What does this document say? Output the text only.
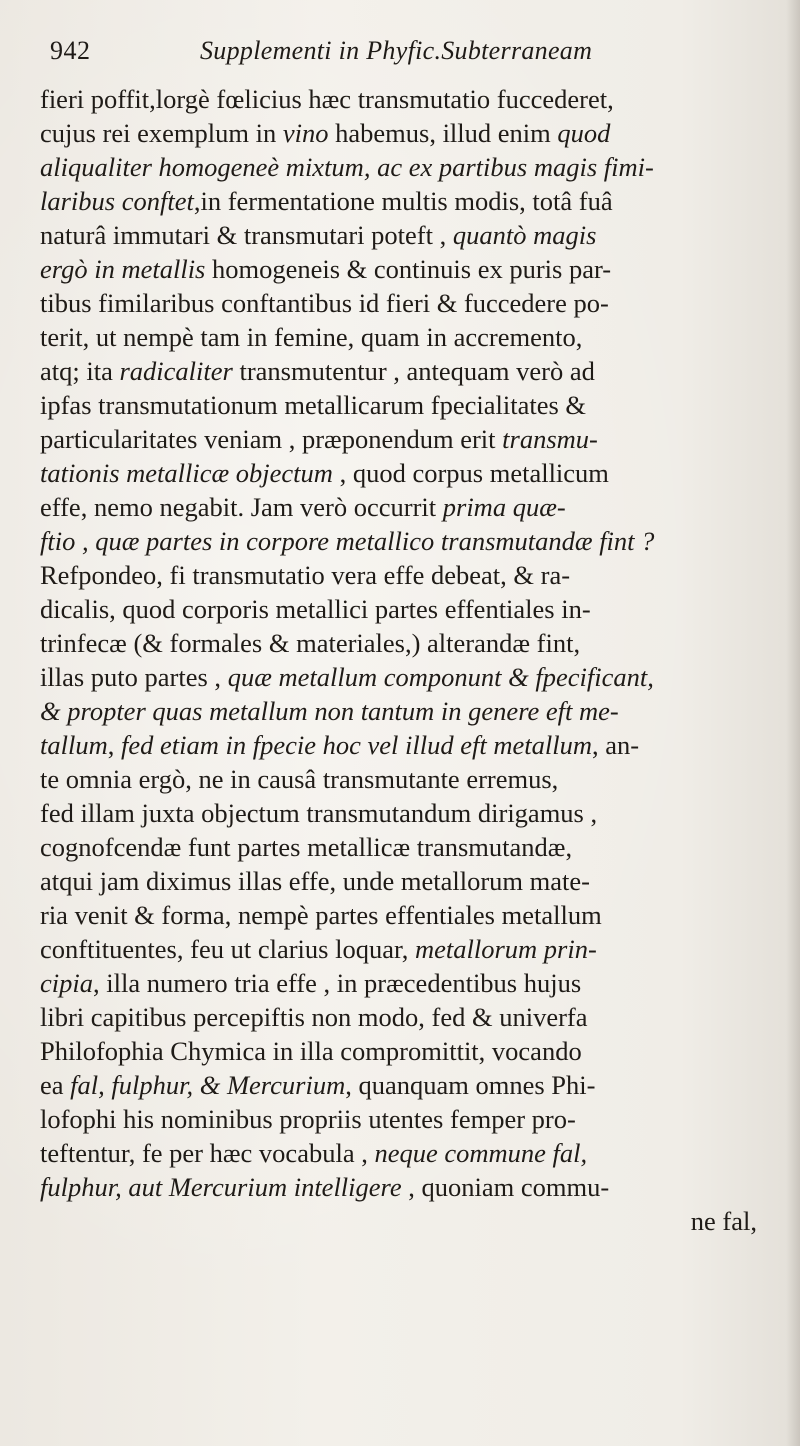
942	Supplementi in Phyfic.Subterraneam
fieri poffit,lorgè fœlicius hæc transmutatio fuccederet,
cujus rei exemplum in vino habemus, illud enim quod
aliqualiter homogeneè mixtum, ac ex partibus magis fimi-
laribus conftet,in fermentatione multis modis, totâ fuâ
naturâ immutari & transmutari poteft , quantò magis
ergò in metallis homogeneis & continuis ex puris par-
tibus fimilaribus conftantibus id fieri & fuccedere po-
terit, ut nempè tam in femine, quam in accremento,
atq; ita radicaliter transmutentur , antequam verò ad
ipfas transmutationum metallicarum fpecialitates &
particularitates veniam , præponendum erit transmu-
tationis metallicæ objectum , quod corpus metallicum
effe, nemo negabit. Jam verò occurrit prima quæ-
ftio , quæ partes in corpore metallico transmutandæ fint ?
Refpondeo, fi transmutatio vera effe debeat, & ra-
dicalis, quod corporis metallici partes effentiales in-
trinfecæ (& formales & materiales,) alterandæ fint,
illas puto partes , quæ metallum componunt & fpecificant,
& propter quas metallum non tantum in genere eft me-
tallum, fed etiam in fpecie hoc vel illud eft metallum, an-
te omnia ergò, ne in causâ transmutante erremus,
fed illam juxta objectum transmutandum dirigamus ,
cognofcendæ funt partes metallicæ transmutandæ,
atqui jam diximus illas effe, unde metallorum mate-
ria venit & forma, nempè partes effentiales metallum
conftituentes, feu ut clarius loquar, metallorum prin-
cipia, illa numero tria effe , in præcedentibus hujus
libri capitibus percepiftis non modo, fed & univerfa
Philofophia Chymica in illa compromittit, vocando
ea fal, fulphur, & Mercurium, quanquam omnes Phi-
lofophi his nominibus propriis utentes femper pro-
teftentur, fe per hæc vocabula , neque commune fal,
fulphur, aut Mercurium intelligere , quoniam commu-
ne fal,
